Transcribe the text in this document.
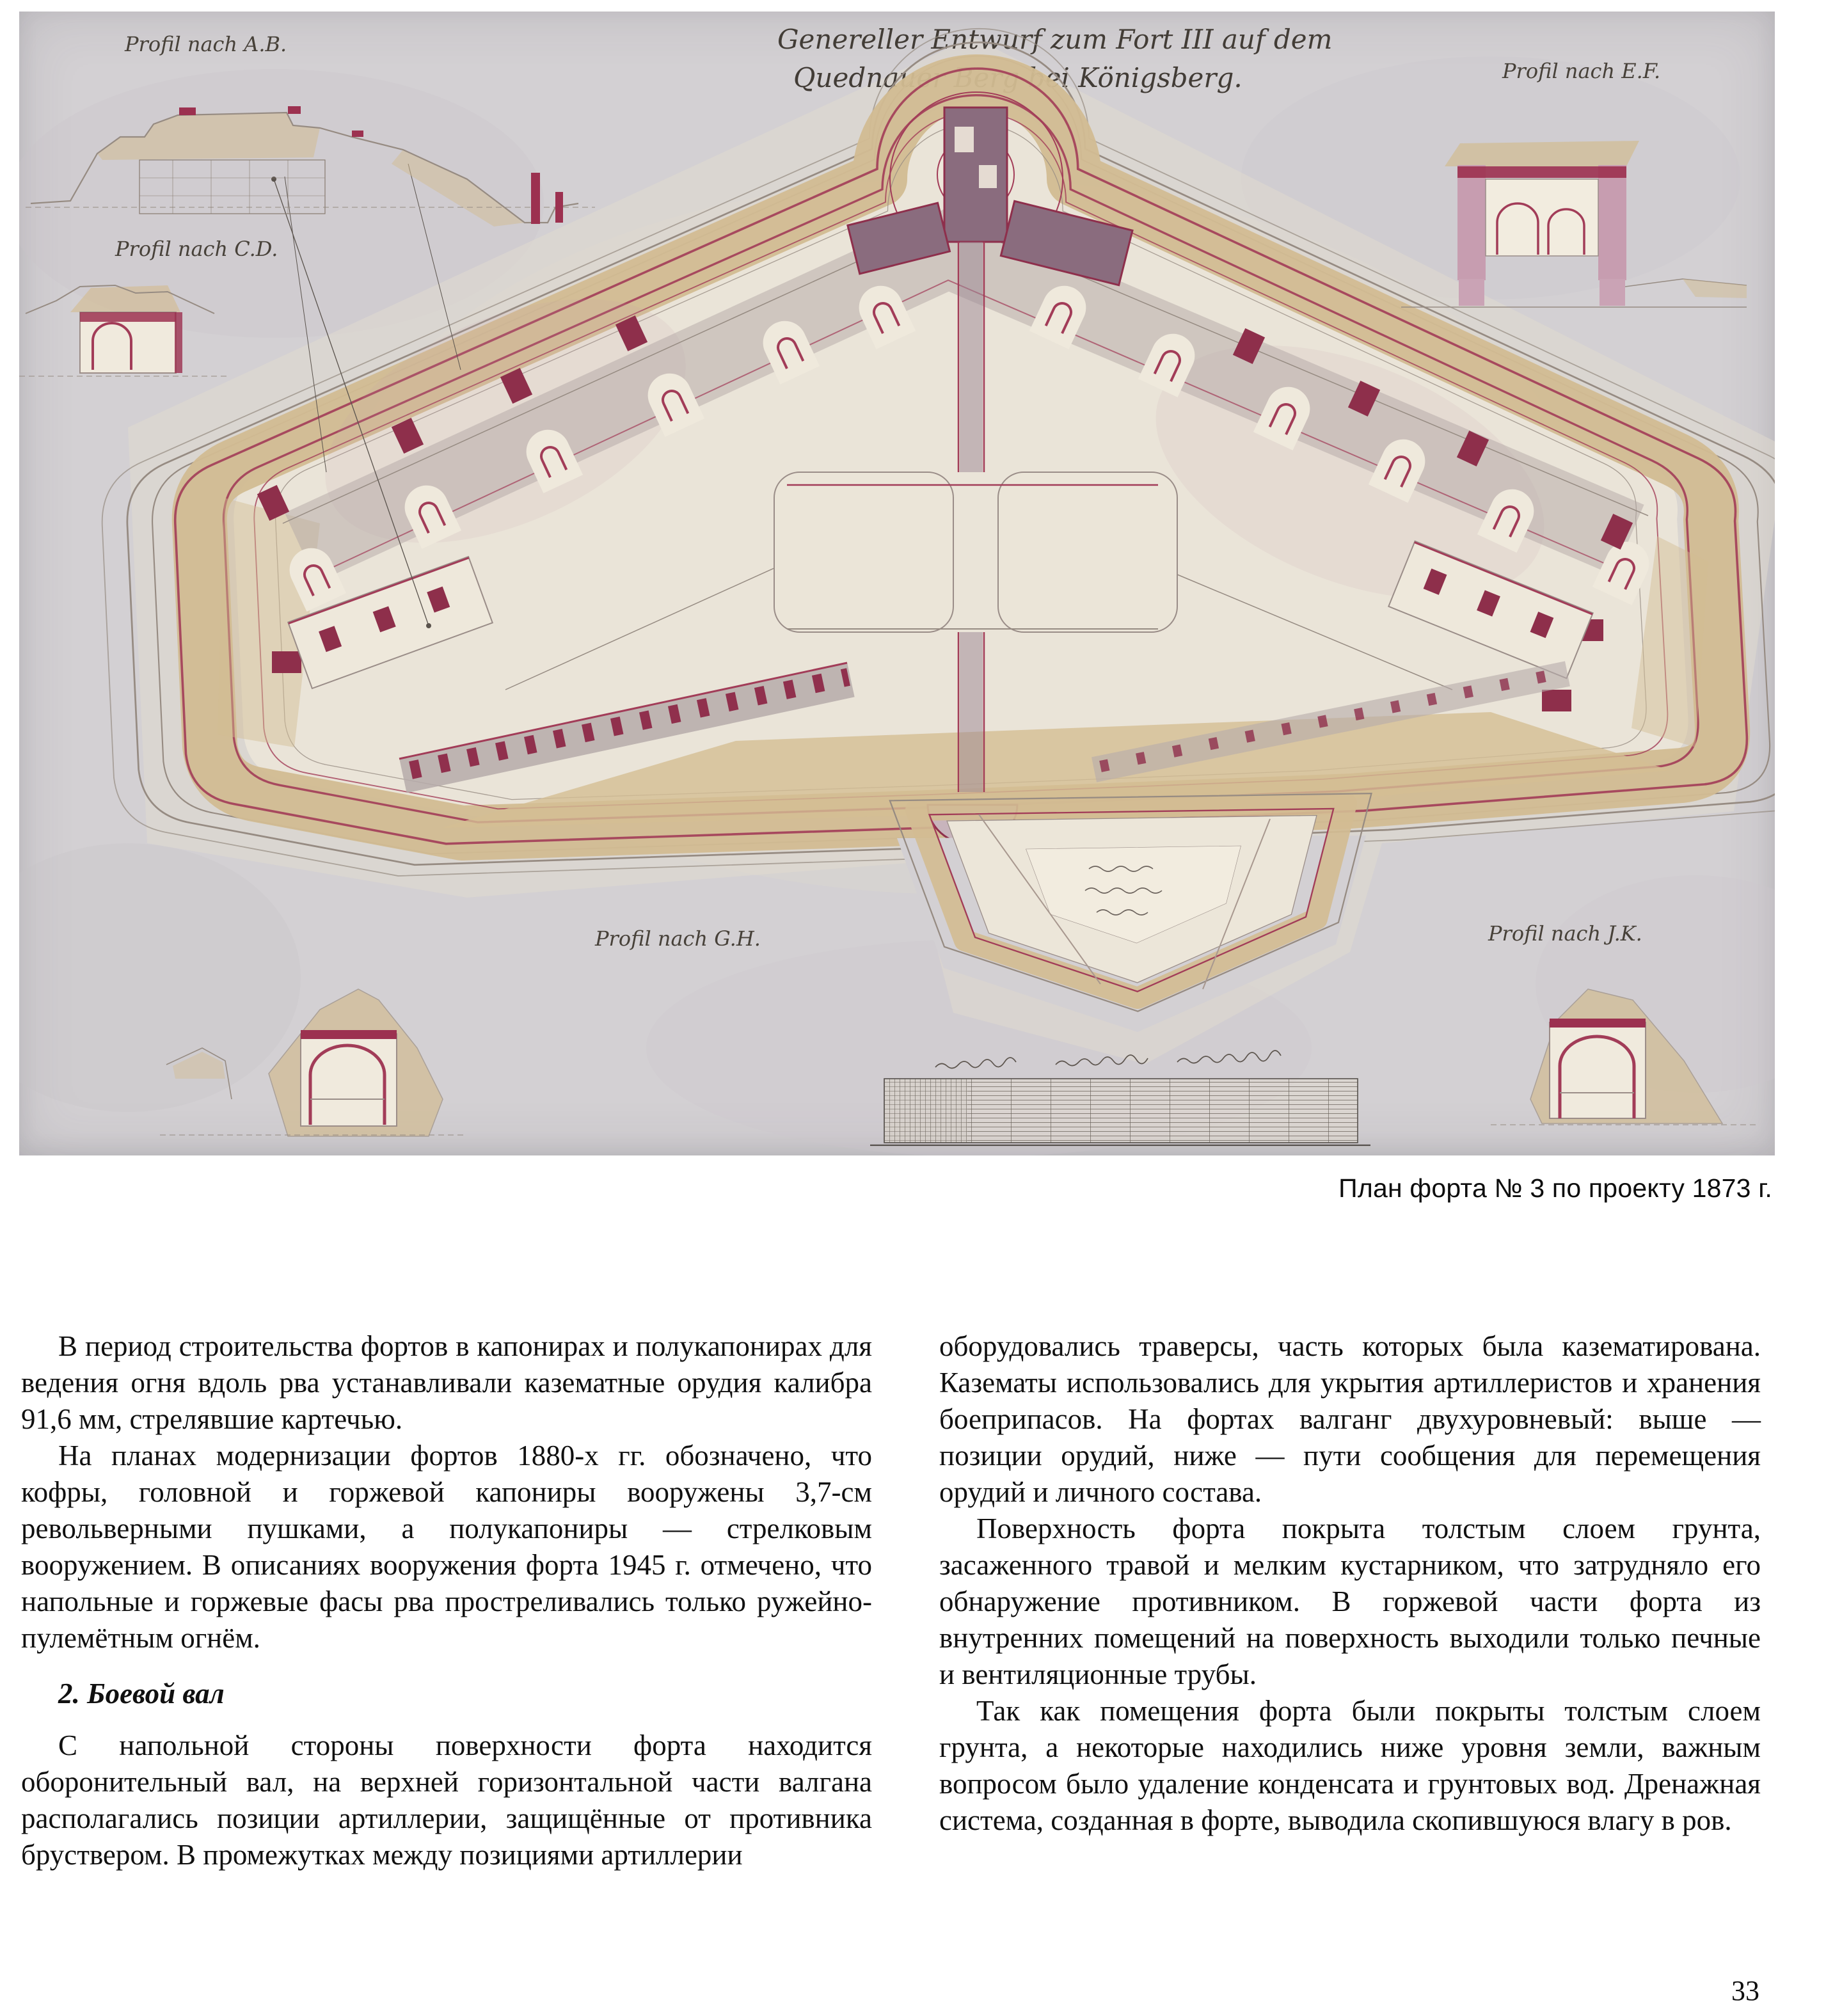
Genereller Entwurf zum Fort III auf dem
Quednauer Berg bei Königsberg.
Profil nach A.B.
Profil nach C.D.
Profil nach E.F.
Profil nach G.H.	Profil nach J.K.
План форта № 3 по проекту 1873 г.

В период строительства фортов в капонирах и полукапонирах для ведения огня вдоль рва устанавливали казематные орудия калибра 91,6 мм, стрелявшие картечью.

На планах модернизации фортов 1880-х гг. обозначено, что кофры, головной и горжевой капониры вооружены 3,7-см револьверными пушками, а полукапониры — стрелковым вооружением. В описаниях вооружения форта 1945 г. отмечено, что напольные и горжевые фасы рва простреливались только ружейно-пулемётным огнём.

2. Боевой вал

С напольной стороны поверхности форта находится оборонительный вал, на верхней горизонтальной части валгана располагались позиции артиллерии, защищённые от противника бруствером. В промежутках между позициями артиллерии

оборудовались траверсы, часть которых была казематирована. Казематы использовались для укрытия артиллеристов и хранения боеприпасов. На фортах валганг двухуровневый: выше — позиции орудий, ниже — пути сообщения для перемещения орудий и личного состава.

Поверхность форта покрыта толстым слоем грунта, засаженного травой и мелким кустарником, что затрудняло его обнаружение противником. В горжевой части форта из внутренних помещений на поверхность выходили только печные и вентиляционные трубы.

Так как помещения форта были покрыты толстым слоем грунта, а некоторые находились ниже уровня земли, важным вопросом было удаление конденсата и грунтовых вод. Дренажная система, созданная в форте, выводила скопившуюся влагу в ров.

33
